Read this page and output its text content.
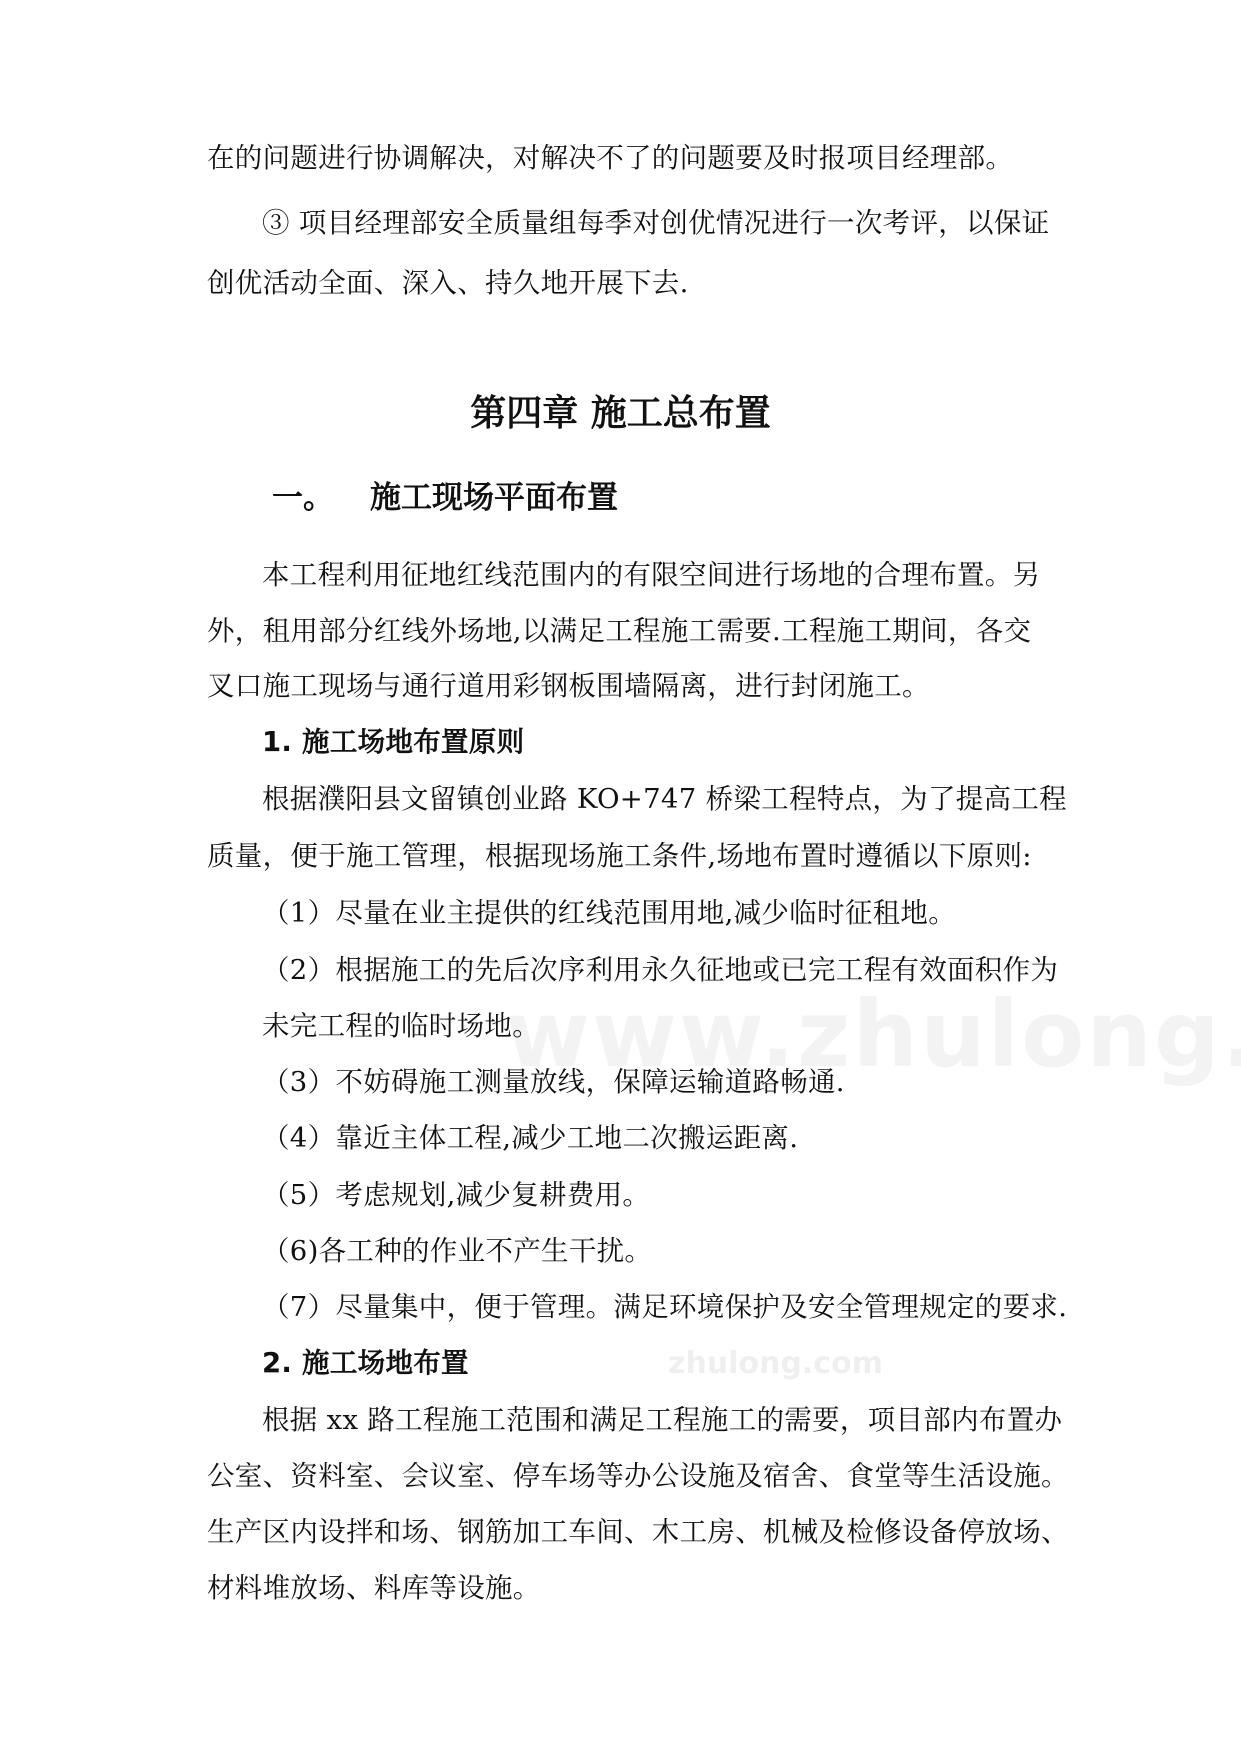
在的问题进行协调解决，对解决不了的问题要及时报项目经理部。
③ 项目经理部安全质量组每季对创优情况进行一次考评，以保证
创优活动全面、深入、持久地开展下去.
第四章 施工总布置
一。 施工现场平面布置
本工程利用征地红线范围内的有限空间进行场地的合理布置。另
外，租用部分红线外场地,以满足工程施工需要.工程施工期间，各交
叉口施工现场与通行道用彩钢板围墙隔离，进行封闭施工。
1. 施工场地布置原则
根据濮阳县文留镇创业路 KO+747 桥梁工程特点，为了提高工程
质量，便于施工管理，根据现场施工条件,场地布置时遵循以下原则:
（1）尽量在业主提供的红线范围用地,减少临时征租地。
（2）根据施工的先后次序利用永久征地或已完工程有效面积作为
未完工程的临时场地。
（3）不妨碍施工测量放线，保障运输道路畅通.
（4）靠近主体工程,减少工地二次搬运距离.
（5）考虑规划,减少复耕费用。
（6)各工种的作业不产生干扰。
（7）尽量集中，便于管理。满足环境保护及安全管理规定的要求.
2. 施工场地布置
根据 xx 路工程施工范围和满足工程施工的需要，项目部内布置办
公室、资料室、会议室、停车场等办公设施及宿舍、食堂等生活设施。
生产区内设拌和场、钢筋加工车间、木工房、机械及检修设备停放场、
材料堆放场、料库等设施。
zhulong.com
